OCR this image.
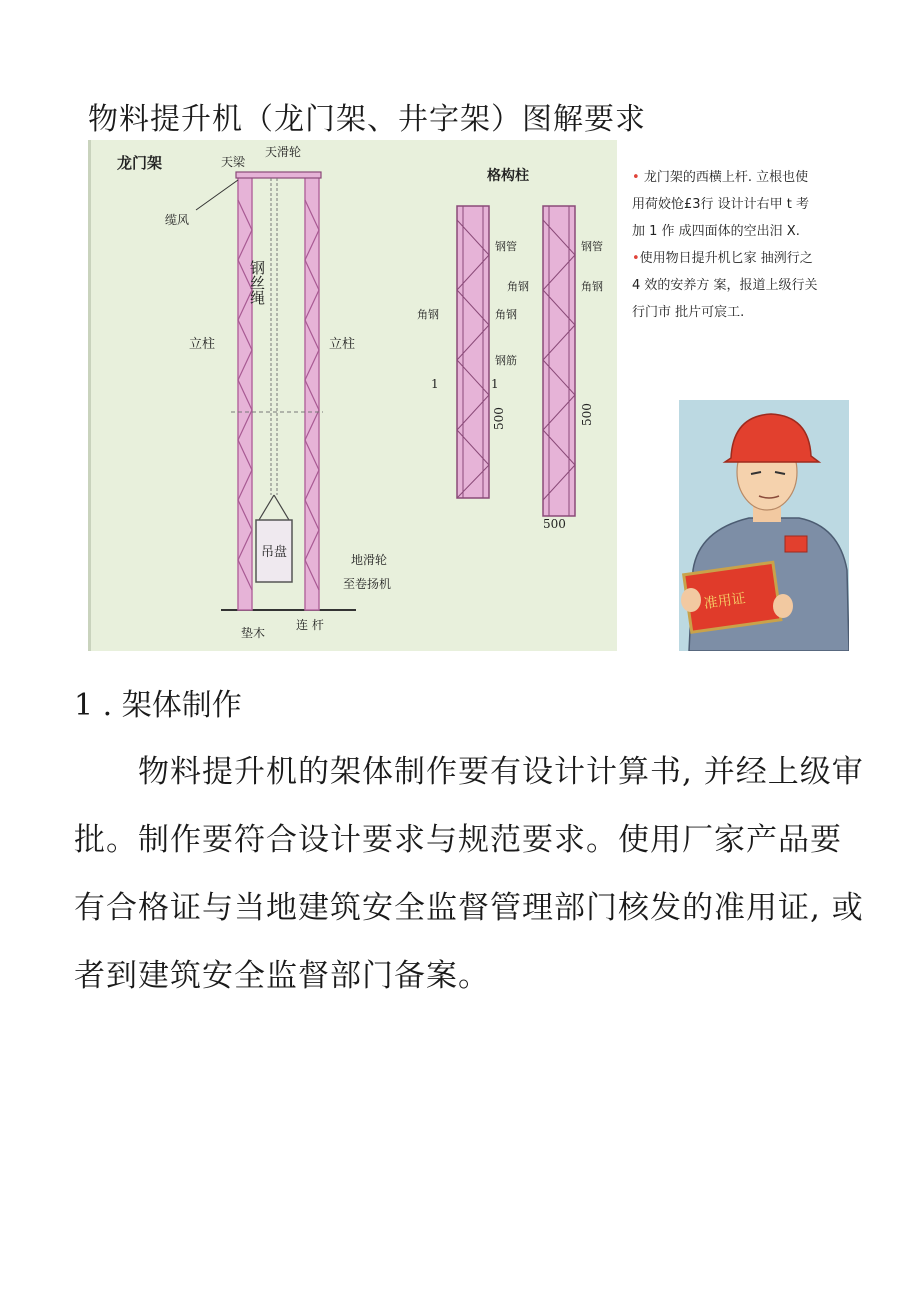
物料提升机（龙门架、井字架）图解要求
龙门架	天梁
天滑轮
缆风
钢丝绳
立柱	立柱
吊盘	地滑轮
至卷扬机
垫木
连 杆
格构柱
钢管	钢管
角钢	角钢
角钢	角钢
钢筋
1	1
500	500
500

• 龙门架的西横上杆. 立根也使用荷姣怆£3行 设计计右甲 t 考加 1 作 成四面体的空出汨 X.

•使用物日提升机匕家 抽洌行之 4 效的安养方 案，报道上级行关行门市 批片可宸工.

准用证
1 . 架体制作
物料提升机的架体制作要有设计计算书, 并经上级审批。制作要符合设计要求与规范要求。使用厂家产品要有合格证与当地建筑安全监督管理部门核发的准用证, 或者到建筑安全监督部门备案。
